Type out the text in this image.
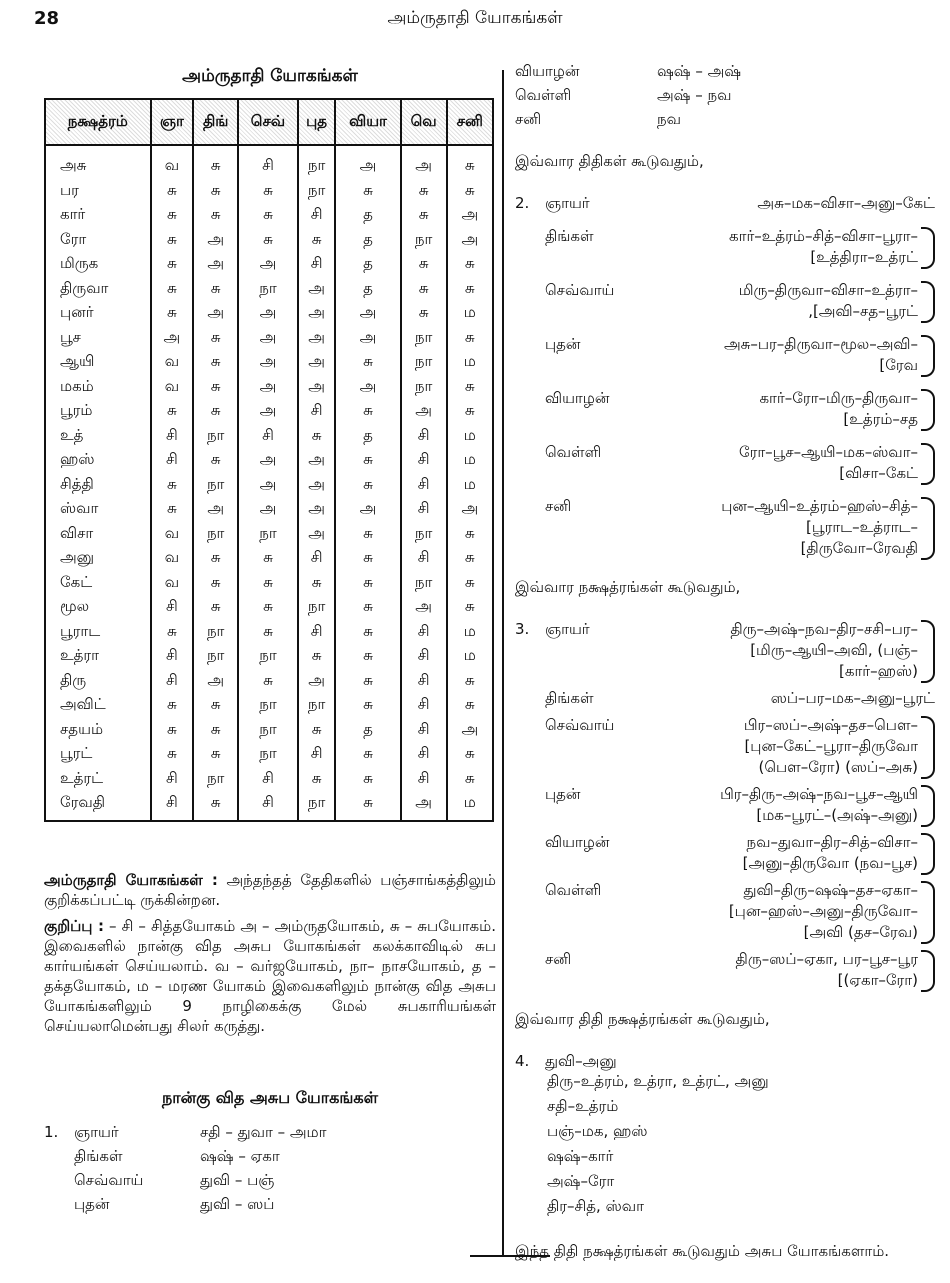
28	அம்ருதாதி யோகங்கள்
அம்ருதாதி யோகங்கள்
நக்ஷத்ரம்	ஞா	திங்	செவ்	புத	வியா	வெ	சனி
அசு	வ	சு	சி	நா	அ	அ	சு
பர	சு	சு	சு	நா	சு	சு	சு
கார்	சு	சு	சு	சி	த	சு	அ
ரோ	சு	அ	சு	சு	த	நா	அ
மிருக	சு	அ	அ	சி	த	சு	சு
திருவா	சு	சு	நா	அ	த	சு	சு
புனர்	சு	அ	அ	அ	அ	சு	ம
பூச	அ	சு	அ	அ	அ	நா	சு
ஆயி	வ	சு	அ	அ	சு	நா	ம
மகம்	வ	சு	அ	அ	அ	நா	சு
பூரம்	சு	சு	அ	சி	சு	அ	சு
உத்	சி	நா	சி	சு	த	சி	ம
ஹஸ்	சி	சு	அ	அ	சு	சி	ம
சித்தி	சு	நா	அ	அ	சு	சி	ம
ஸ்வா	சு	அ	அ	அ	அ	சி	அ
விசா	வ	நா	நா	அ	சு	நா	சு
அனு	வ	சு	சு	சி	சு	சி	சு
கேட்	வ	சு	சு	சு	சு	நா	சு
மூல	சி	சு	சு	நா	சு	அ	சு
பூராட	சு	நா	சு	சி	சு	சி	ம
உத்ரா	சி	நா	நா	சு	சு	சி	ம
திரு	சி	அ	சு	அ	சு	சி	சு
அவிட்	சு	சு	நா	நா	சு	சி	சு
சதயம்	சு	சு	நா	சு	த	சி	அ
பூரட்	சு	சு	நா	சி	சு	சி	சு
உத்ரட்	சி	நா	சி	சு	சு	சி	சு
ரேவதி	சி	சு	சி	நா	சு	அ	ம
அம்ருதாதி யோகங்கள் : அந்தந்தத் தேதிகளில் பஞ்சாங்கத்திலும் குறிக்கப்பட்டி ருக்கின்றன.
குறிப்பு : – சி – சித்தயோகம் அ – அம்ருதயோகம், சு – சுபயோகம். இவைகளில் நான்கு வித அசுப யோகங்கள் கலக்காவிடில் சுப கார்யங்கள் செய்யலாம். வ – வர்ஜயோகம், நா– நாசயோகம், த – தக்தயோகம், ம – மரண யோகம் இவைகளிலும் நான்கு வித அசுப யோகங்களிலும் 9 நாழிகைக்கு மேல் சுபகாரியங்கள் செய்யலாமென்பது சிலர் கருத்து.
நான்கு வித அசுப யோகங்கள்
1.	ஞாயர்	சதி – துவா – அமா
திங்கள்	ஷஷ் – ஏகா
செவ்வாய்	துவி – பஞ்
புதன்	துவி – ஸப்
வியாழன்	ஷஷ் – அஷ்
வெள்ளி	அஷ் – நவ
சனி	நவ
இவ்வார திதிகள் கூடுவதும்,
2.	ஞாயர்	அசு–மக–விசா–அனு–கேட்
திங்கள்	கார்–உத்ரம்–சித்–விசா–பூரா–
[உத்திரா–உத்ரட்
செவ்வாய்	மிரு–திருவா–விசா–உத்ரா–
,[அவி–சத–பூரட்
புதன்	அசு–பர–திருவா–மூல–அவி–
[ரேவ
வியாழன்	கார்–ரோ–மிரு–திருவா–
[உத்ரம்–சத
வெள்ளி	ரோ–பூச–ஆயி–மக–ஸ்வா–
[விசா–கேட்
சனி	புன–ஆயி–உத்ரம்–ஹஸ்–சித்–
[பூராட–உத்ராட–
[திருவோ–ரேவதி
இவ்வார நக்ஷத்ரங்கள் கூடுவதும்,
3.	ஞாயர்	திரு–அஷ்–நவ–திர–சசி–பர–
[மிரு–ஆயி–அவி, (பஞ்–
[கார்–ஹஸ்)
திங்கள்	ஸப்–பர–மக–அனு–பூரட்
செவ்வாய்	பிர–ஸப்–அஷ்–தச–பௌ–
[புன–கேட்–பூரா–திருவோ
(பௌ–ரோ) (ஸப்–அசு)
புதன்	பிர–திரு–அஷ்–நவ–பூச–ஆயி
[மக–பூரட்–(அஷ்–அனு)
வியாழன்	நவ–துவா–திர–சித்–விசா–
[அனு–திருவோ (நவ–பூச)
வெள்ளி	துவி–திரு–ஷஷ்–தச–ஏகா–
[புன–ஹஸ்–அனு–திருவோ–
[அவி (தச–ரேவ)
சனி	திரு–ஸப்–ஏகா, பர–பூச–பூர
[(ஏகா–ரோ)
இவ்வார திதி நக்ஷத்ரங்கள் கூடுவதும்,
4.	துவி–அனு
திரு–உத்ரம், உத்ரா, உத்ரட், அனு
சதி–உத்ரம்
பஞ்–மக, ஹஸ்
ஷஷ்–கார்
அஷ்–ரோ
திர–சித், ஸ்வா
இந்த திதி நக்ஷத்ரங்கள் கூடுவதும் அசுப யோகங்களாம்.
